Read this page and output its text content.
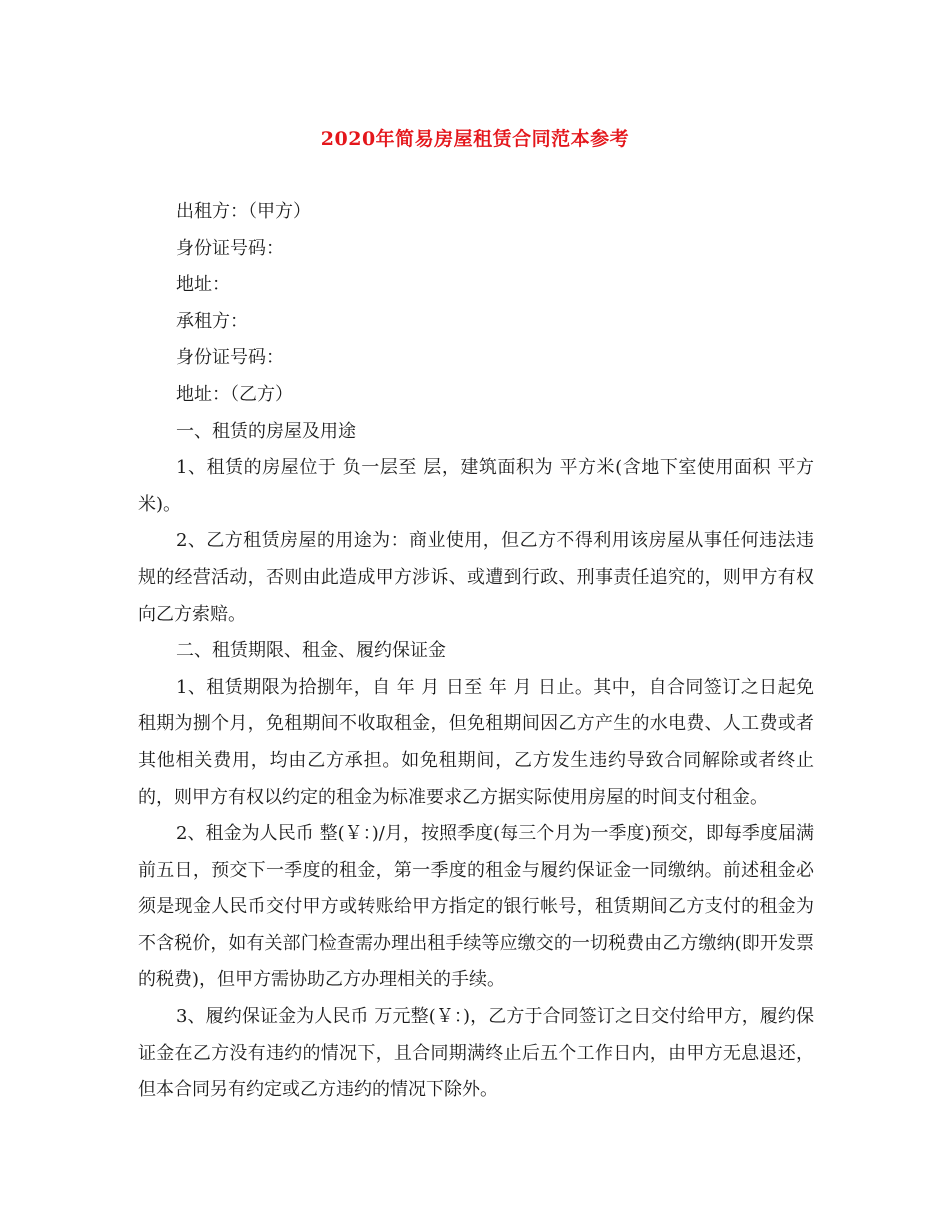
2020年简易房屋租赁合同范本参考

出租方：（甲方）

身份证号码：

地址：

承租方：

身份证号码：

地址：（乙方）

一、租赁的房屋及用途

1、租赁的房屋位于 负一层至 层，建筑面积为 平方米(含地下室使用面积 平方米)。

2、乙方租赁房屋的用途为：商业使用，但乙方不得利用该房屋从事任何违法违规的经营活动，否则由此造成甲方涉诉、或遭到行政、刑事责任追究的，则甲方有权向乙方索赔。

二、租赁期限、租金、履约保证金

1、租赁期限为拾捌年，自 年 月 日至 年 月 日止。其中，自合同签订之日起免租期为捌个月，免租期间不收取租金，但免租期间因乙方产生的水电费、人工费或者其他相关费用，均由乙方承担。如免租期间，乙方发生违约导致合同解除或者终止的，则甲方有权以约定的租金为标准要求乙方据实际使用房屋的时间支付租金。

2、租金为人民币 整(￥：)/月，按照季度(每三个月为一季度)预交，即每季度届满前五日，预交下一季度的租金，第一季度的租金与履约保证金一同缴纳。前述租金必须是现金人民币交付甲方或转账给甲方指定的银行帐号，租赁期间乙方支付的租金为不含税价，如有关部门检查需办理出租手续等应缴交的一切税费由乙方缴纳(即开发票的税费)，但甲方需协助乙方办理相关的手续。

3、履约保证金为人民币 万元整(￥：)，乙方于合同签订之日交付给甲方，履约保证金在乙方没有违约的情况下，且合同期满终止后五个工作日内，由甲方无息退还，但本合同另有约定或乙方违约的情况下除外。
